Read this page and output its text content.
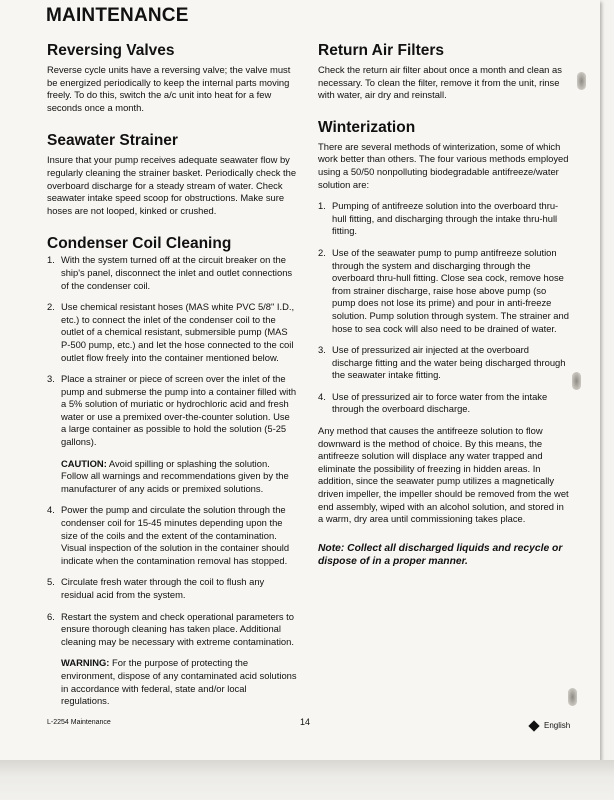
MAINTENANCE
Reversing Valves

Reverse cycle units have a reversing valve; the valve must be energized periodically to keep the internal parts moving freely. To do this, switch the a/c unit into heat for a few seconds once a month.

Seawater Strainer

Insure that your pump receives adequate seawater flow by regularly cleaning the strainer basket. Periodically check the overboard discharge for a steady stream of water. Check seawater intake speed scoop for obstructions. Make sure hoses are not looped, kinked or crushed.

Condenser Coil Cleaning
1. With the system turned off at the circuit breaker on the ship's panel, disconnect the inlet and outlet connections of the condenser coil.
2. Use chemical resistant hoses (MAS white PVC 5/8" I.D., etc.) to connect the inlet of the condenser coil to the outlet of a chemical resistant, submersible pump (MAS P-500 pump, etc.) and let the hose connected to the coil outlet flow freely into the container mentioned below.
3. Place a strainer or piece of screen over the inlet of the pump and submerse the pump into a container filled with a 5% solution of muriatic or hydrochloric acid and fresh water or use a premixed over-the-counter solution. Use a large container as possible to hold the solution (5-25 gallons).

CAUTION: Avoid spilling or splashing the solution. Follow all warnings and recommendations given by the manufacturer of any acids or premixed solutions.

4. Power the pump and circulate the solution through the condenser coil for 15-45 minutes depending upon the size of the coils and the extent of the contamination. Visual inspection of the solution in the container should indicate when the contamination removal has stopped.
5. Circulate fresh water through the coil to flush any residual acid from the system.
6. Restart the system and check operational parameters to ensure thorough cleaning has taken place. Additional cleaning may be necessary with extreme contamination.

WARNING: For the purpose of protecting the environment, dispose of any contaminated acid solutions in accordance with federal, state and/or local regulations.

Return Air Filters

Check the return air filter about once a month and clean as necessary. To clean the filter, remove it from the unit, rinse with water, air dry and reinstall.

Winterization

There are several methods of winterization, some of which work better than others. The four various methods employed using a 50/50 nonpolluting biodegradable antifreeze/water solution are:

1. Pumping of antifreeze solution into the overboard thru-hull fitting, and discharging through the intake thru-hull fitting.
2. Use of the seawater pump to pump antifreeze solution through the system and discharging through the overboard thru-hull fitting. Close sea cock, remove hose from strainer discharge, raise hose above pump (so pump does not lose its prime) and pour in anti-freeze solution. Pump solution through system. The strainer and hose to sea cock will also need to be drained of water.
3. Use of pressurized air injected at the overboard discharge fitting and the water being discharged through the seawater intake fitting.
4. Use of pressurized air to force water from the intake through the overboard discharge.

Any method that causes the antifreeze solution to flow downward is the method of choice. By this means, the antifreeze solution will displace any water trapped and eliminate the possibility of freezing in hidden areas. In addition, since the seawater pump utilizes a magnetically driven impeller, the impeller should be removed from the wet end assembly, wiped with an alcohol solution, and stored in a warm, dry area until commissioning takes place.

Note: Collect all discharged liquids and recycle or dispose of in a proper manner.

L-2254 Maintenance	14	English
